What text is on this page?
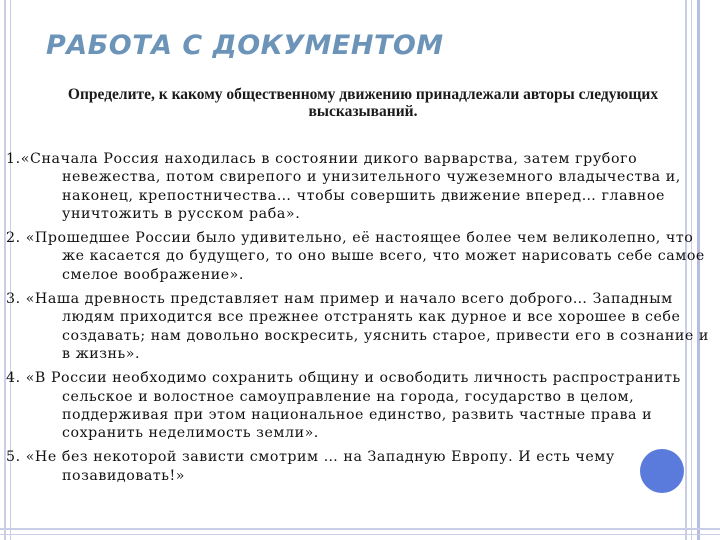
РАБОТА С ДОКУМЕНТОМ

Определите, к какому общественному движению принадлежали авторы следующих высказываний.

1.«Сначала Россия находилась в состоянии дикого варварства, затем грубого невежества, потом свирепого и унизительного чужеземного владычества и, наконец, крепостничества… чтобы совершить движение вперед… главное уничтожить в русском раба».
2. «Прошедшее России было удивительно, её настоящее более чем великолепно, что же касается до будущего, то оно выше всего, что может нарисовать себе самое смелое воображение».
3. «Наша древность представляет нам пример и начало всего доброго… Западным людям приходится все прежнее отстранять как дурное и все хорошее в себе создавать; нам довольно воскресить, уяснить старое, привести его в сознание и в жизнь».
4. «В России необходимо сохранить общину и освободить личность распространить сельское и волостное самоуправление на города, государство в целом, поддерживая при этом национальное единство, развить частные права и сохранить неделимость земли».
5. «Не без некоторой зависти смотрим … на Западную Европу. И есть чему позавидовать!»
